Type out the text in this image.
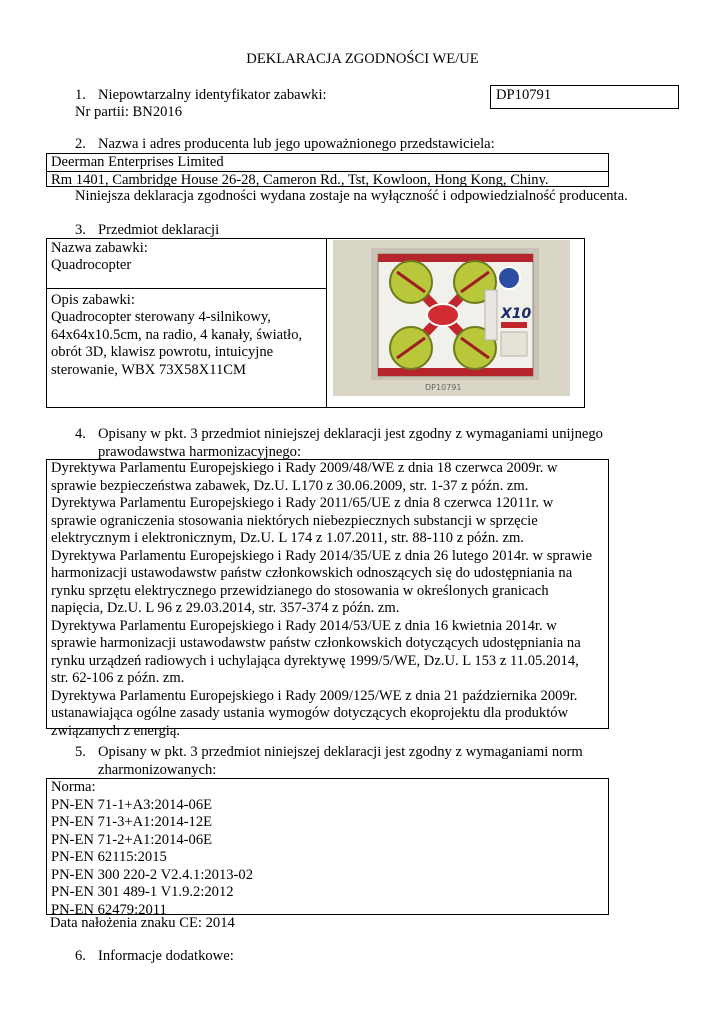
DEKLARACJA ZGODNOŚCI WE/UE
1. Niepowtarzalny identyfikator zabawki:
Nr partii: BN2016
DP10791
2. Nazwa i adres producenta lub jego upoważnionego przedstawiciela:
Deerman Enterprises Limited
Rm 1401, Cambridge House 26-28, Cameron Rd., Tst, Kowloon, Hong Kong, Chiny.
Niniejsza deklaracja zgodności wydana zostaje na wyłączność i odpowiedzialność producenta.
3. Przedmiot deklaracji
Nazwa zabawki:
Quadrocopter
Opis zabawki:
Quadrocopter sterowany 4-silnikowy,
64x64x10.5cm, na radio, 4 kanały, światło,
obrót 3D, klawisz powrotu, intuicyjne
sterowanie, WBX 73X58X11CM
X10
DP10791
4. Opisany w pkt. 3 przedmiot niniejszej deklaracji jest zgodny z wymaganiami unijnego
prawodawstwa harmonizacyjnego:
Dyrektywa Parlamentu Europejskiego i Rady 2009/48/WE z dnia 18 czerwca 2009r. w
sprawie bezpieczeństwa zabawek, Dz.U. L170 z 30.06.2009, str. 1-37 z późn. zm.
Dyrektywa Parlamentu Europejskiego i Rady 2011/65/UE z dnia 8 czerwca 12011r. w
sprawie ograniczenia stosowania niektórych niebezpiecznych substancji w sprzęcie
elektrycznym i elektronicznym, Dz.U. L 174 z 1.07.2011, str. 88-110 z późn. zm.
Dyrektywa Parlamentu Europejskiego i Rady 2014/35/UE z dnia 26 lutego 2014r. w sprawie
harmonizacji ustawodawstw państw członkowskich odnoszących się do udostępniania na
rynku sprzętu elektrycznego przewidzianego do stosowania w określonych granicach
napięcia, Dz.U. L 96 z 29.03.2014, str. 357-374 z późn. zm.
Dyrektywa Parlamentu Europejskiego i Rady 2014/53/UE z dnia 16 kwietnia 2014r. w
sprawie harmonizacji ustawodawstw państw członkowskich dotyczących udostępniania na
rynku urządzeń radiowych i uchylająca dyrektywę 1999/5/WE, Dz.U. L 153 z 11.05.2014,
str. 62-106 z późn. zm.
Dyrektywa Parlamentu Europejskiego i Rady 2009/125/WE z dnia 21 października 2009r.
ustanawiająca ogólne zasady ustania wymogów dotyczących ekoprojektu dla produktów
związanych z energią.
5. Opisany w pkt. 3 przedmiot niniejszej deklaracji jest zgodny z wymaganiami norm
zharmonizowanych:
Norma:
PN-EN 71-1+A3:2014-06E
PN-EN 71-3+A1:2014-12E
PN-EN 71-2+A1:2014-06E
PN-EN 62115:2015
PN-EN 300 220-2 V2.4.1:2013-02
PN-EN 301 489-1 V1.9.2:2012
PN-EN 62479:2011
Data nałożenia znaku CE: 2014
6. Informacje dodatkowe:
